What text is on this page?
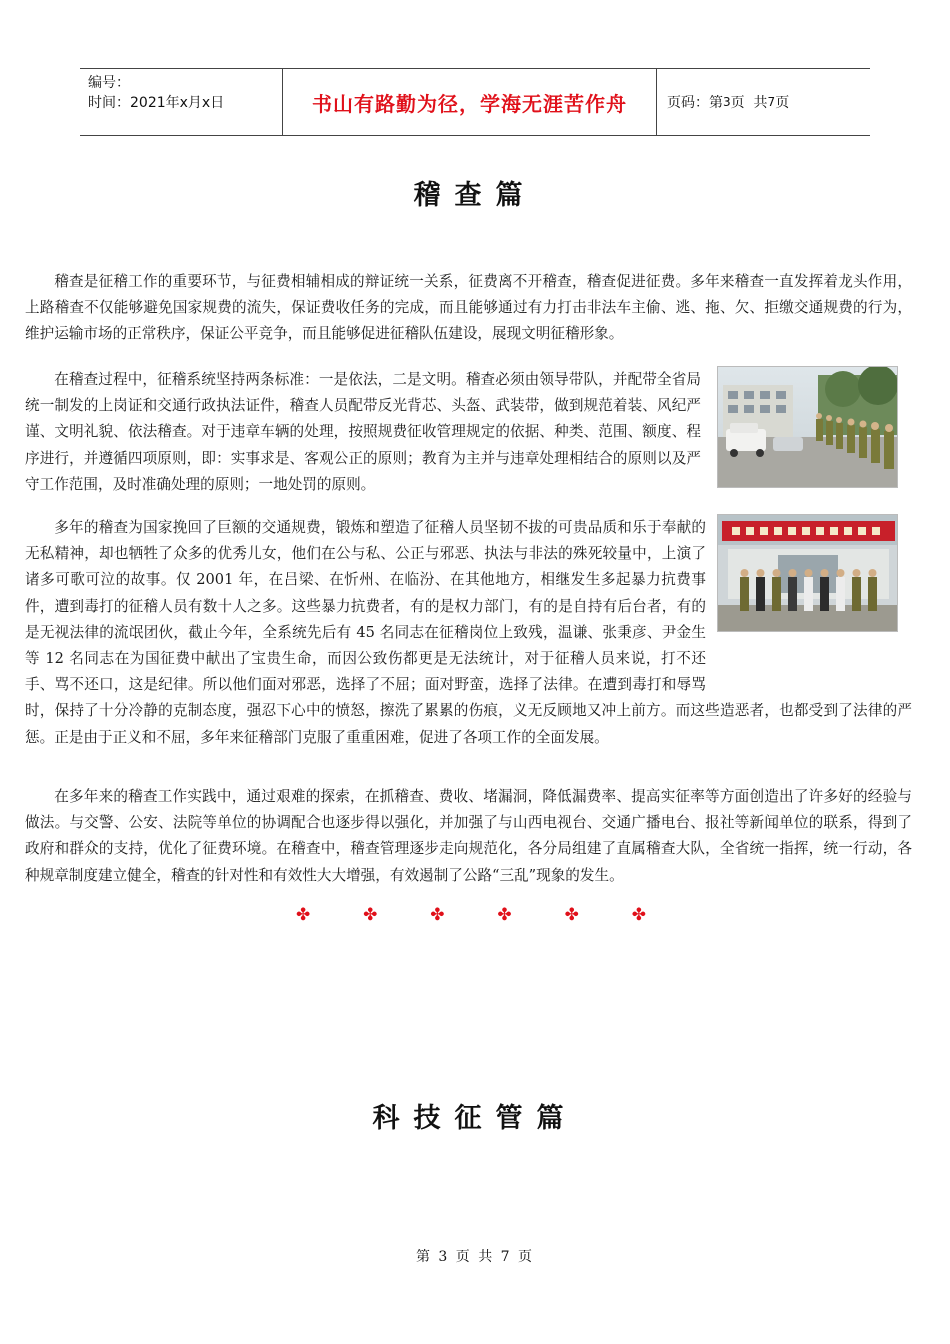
编号：
时间：2021年x月x日	书山有路勤为径，学海无涯苦作舟	页码：第 3 页  共 7 页
稽查篇

稽查是征稽工作的重要环节，与征费相辅相成的辩证统一关系，征费离不开稽查，稽查促进征费。多年来稽查一直发挥着龙头作用，上路稽查不仅能够避免国家规费的流失，保证费收任务的完成，而且能够通过有力打击非法车主偷、逃、拖、欠、拒缴交通规费的行为，维护运输市场的正常秩序，保证公平竞争，而且能够促进征稽队伍建设，展现文明征稽形象。

在稽查过程中，征稽系统坚持两条标准：一是依法，二是文明。稽查必须由领导带队，并配带全省局统一制发的上岗证和交通行政执法证件，稽查人员配带反光背芯、头盔、武装带，做到规范着装、风纪严谨、文明礼貌、依法稽查。对于违章车辆的处理，按照规费征收管理规定的依据、种类、范围、额度、程序进行，并遵循四项原则，即：实事求是、客观公正的原则；教育为主并与违章处理相结合的原则以及严守工作范围，及时准确处理的原则；一地处罚的原则。

多年的稽查为国家挽回了巨额的交通规费，锻炼和塑造了征稽人员坚韧不拔的可贵品质和乐于奉献的无私精神，却也牺牲了众多的优秀儿女，他们在公与私、公正与邪恶、执法与非法的殊死较量中，上演了诸多可歌可泣的故事。仅 2001 年，在吕梁、在忻州、在临汾、在其他地方，相继发生多起暴力抗费事件，遭到毒打的征稽人员有数十人之多。这些暴力抗费者，有的是权力部门，有的是自持有后台者，有的是无视法律的流氓团伙，截止今年，全系统先后有 45 名同志在征稽岗位上致残，温谦、张秉彦、尹金生等 12 名同志在为国征费中献出了宝贵生命，而因公致伤都更是无法统计，对于征稽人员来说，打不还手、骂不还口，这是纪律。所以他们面对邪恶，选择了不屈；面对野蛮，选择了法律。在遭到毒打和辱骂时，保持了十分冷静的克制态度，强忍下心中的愤怒，擦洗了累累的伤痕，义无反顾地又冲上前方。而这些造恶者，也都受到了法律的严惩。正是由于正义和不屈，多年来征稽部门克服了重重困难，促进了各项工作的全面发展。

在多年来的稽查工作实践中，通过艰难的探索，在抓稽查、费收、堵漏洞，降低漏费率、提高实征率等方面创造出了许多好的经验与做法。与交警、公安、法院等单位的协调配合也逐步得以强化，并加强了与山西电视台、交通广播电台、报社等新闻单位的联系，得到了政府和群众的支持，优化了征费环境。在稽查中，稽查管理逐步走向规范化，各分局组建了直属稽查大队，全省统一指挥，统一行动，各种规章制度建立健全，稽查的针对性和有效性大大增强，有效遏制了公路“三乱”现象的发生。

✤	✤	✤	✤	✤	✤
科技征管篇
第 3 页 共 7 页
